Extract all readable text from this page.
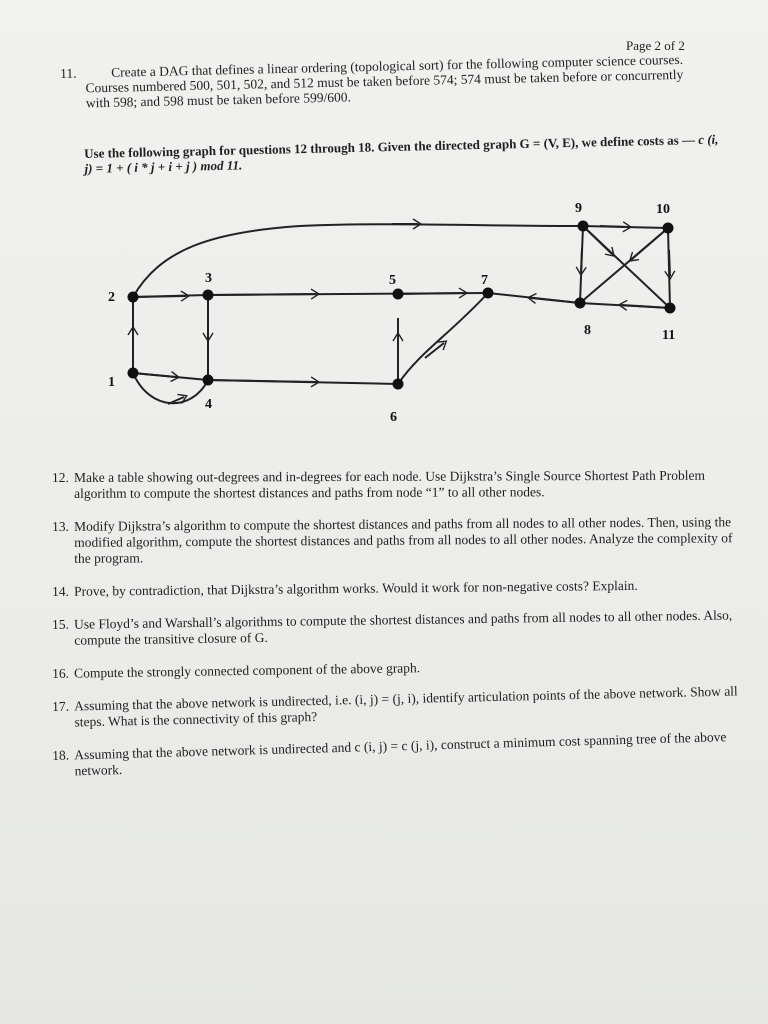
Page 2 of 2
11.	Create a DAG that defines a linear ordering (topological sort) for the following computer science courses. Courses numbered 500, 501, 502, and 512 must be taken before 574; 574 must be taken before or concurrently with 598; and 598 must be taken before 599/600.
Use the following graph for questions 12 through 18. Given the directed graph G = (V, E), we define costs as — c (i, j) = 1 + ( i * j + i + j ) mod 11.
1
2
3
4
5
6
7
8
9	10
11
12. Make a table showing out-degrees and in-degrees for each node. Use Dijkstra’s Single Source Shortest Path Problem algorithm to compute the shortest distances and paths from node “1” to all other nodes.
13. Modify Dijkstra’s algorithm to compute the shortest distances and paths from all nodes to all other nodes. Then, using the modified algorithm, compute the shortest distances and paths from all nodes to all other nodes. Analyze the complexity of the program.
14. Prove, by contradiction, that Dijkstra’s algorithm works. Would it work for non-negative costs? Explain.
15. Use Floyd’s and Warshall’s algorithms to compute the shortest distances and paths from all nodes to all other nodes. Also, compute the transitive closure of G.
16. Compute the strongly connected component of the above graph.
17. Assuming that the above network is undirected, i.e. (i, j) = (j, i), identify articulation points of the above network. Show all steps. What is the connectivity of this graph?
18. Assuming that the above network is undirected and c (i, j) = c (j, i), construct a minimum cost spanning tree of the above network.
